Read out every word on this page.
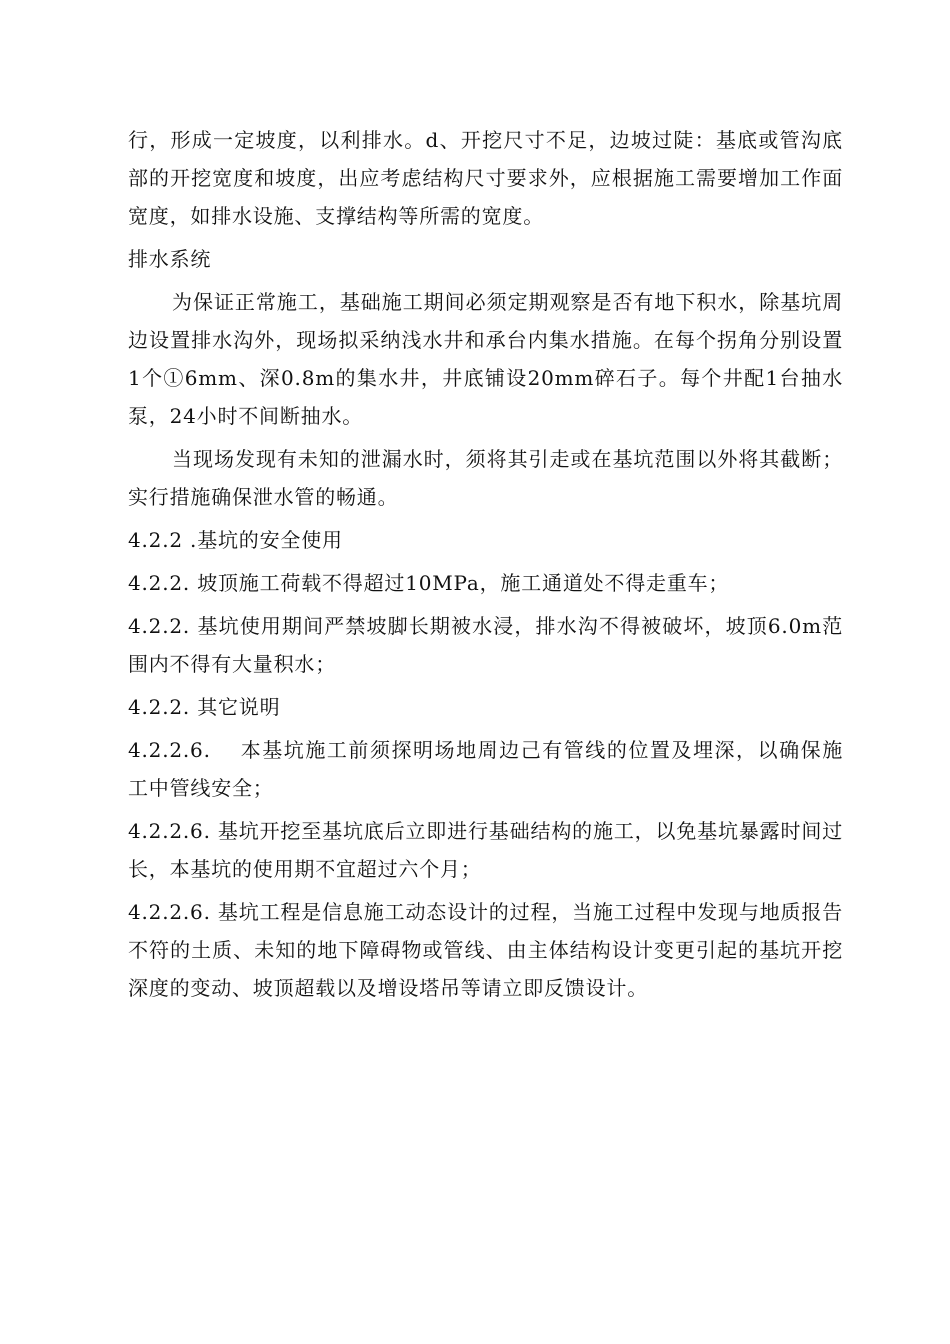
行，形成一定坡度，以利排水。d、开挖尺寸不足，边坡过陡：基底或管沟底部的开挖宽度和坡度，出应考虑结构尺寸要求外，应根据施工需要增加工作面宽度，如排水设施、支撑结构等所需的宽度。

排水系统

为保证正常施工，基础施工期间必须定期观察是否有地下积水，除基坑周边设置排水沟外，现场拟采纳浅水井和承台内集水措施。在每个拐角分别设置1个①6mm、深0.8m的集水井，井底铺设20mm碎石子。每个井配1台抽水泵，24小时不间断抽水。

当现场发现有未知的泄漏水时，须将其引走或在基坑范围以外将其截断；实行措施确保泄水管的畅通。

4.2.2 .基坑的安全使用

4.2.2. 坡顶施工荷载不得超过10MPa，施工通道处不得走重车；

4.2.2. 基坑使用期间严禁坡脚长期被水浸，排水沟不得被破坏，坡顶6.0m范围内不得有大量积水；

4.2.2. 其它说明

4.2.2.6. 本基坑施工前须探明场地周边己有管线的位置及埋深，以确保施工中管线安全；

4.2.2.6. 基坑开挖至基坑底后立即进行基础结构的施工，以免基坑暴露时间过长，本基坑的使用期不宜超过六个月；

4.2.2.6. 基坑工程是信息施工动态设计的过程，当施工过程中发现与地质报告不符的土质、未知的地下障碍物或管线、由主体结构设计变更引起的基坑开挖深度的变动、坡顶超载以及增设塔吊等请立即反馈设计。
